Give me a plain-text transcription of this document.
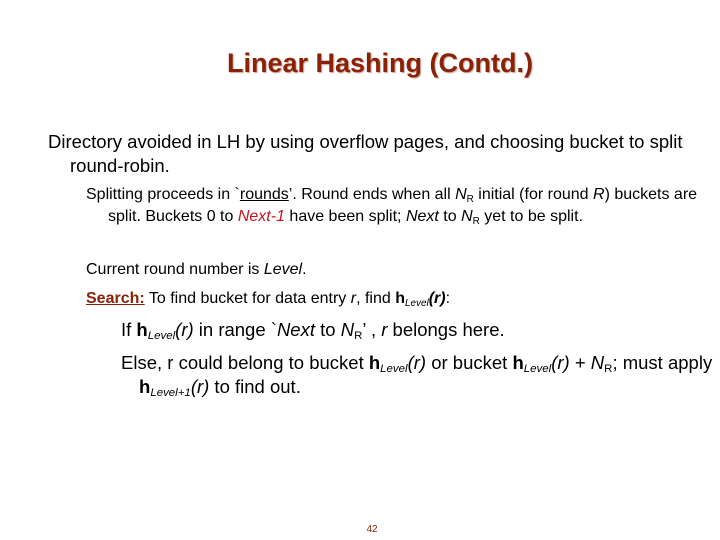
Linear Hashing (Contd.)

Directory avoided in LH by using overflow pages, and choosing bucket to split round-robin.

Splitting proceeds in `rounds’. Round ends when all $N_R$ initial (for round R) buckets are split. Buckets 0 to Next-1 have been split; Next to $N_R$ yet to be split.

Current round number is Level.

Search: To find bucket for data entry r, find $h_{Level}(r)$:

If $h_{Level}(r)$ in range `Next to $N_R$’ , r belongs here.

Else, r could belong to bucket $h_{Level}(r)$ or bucket $h_{Level}(r) + N_R$; must apply $h_{Level+1}(r)$ to find out.

42
